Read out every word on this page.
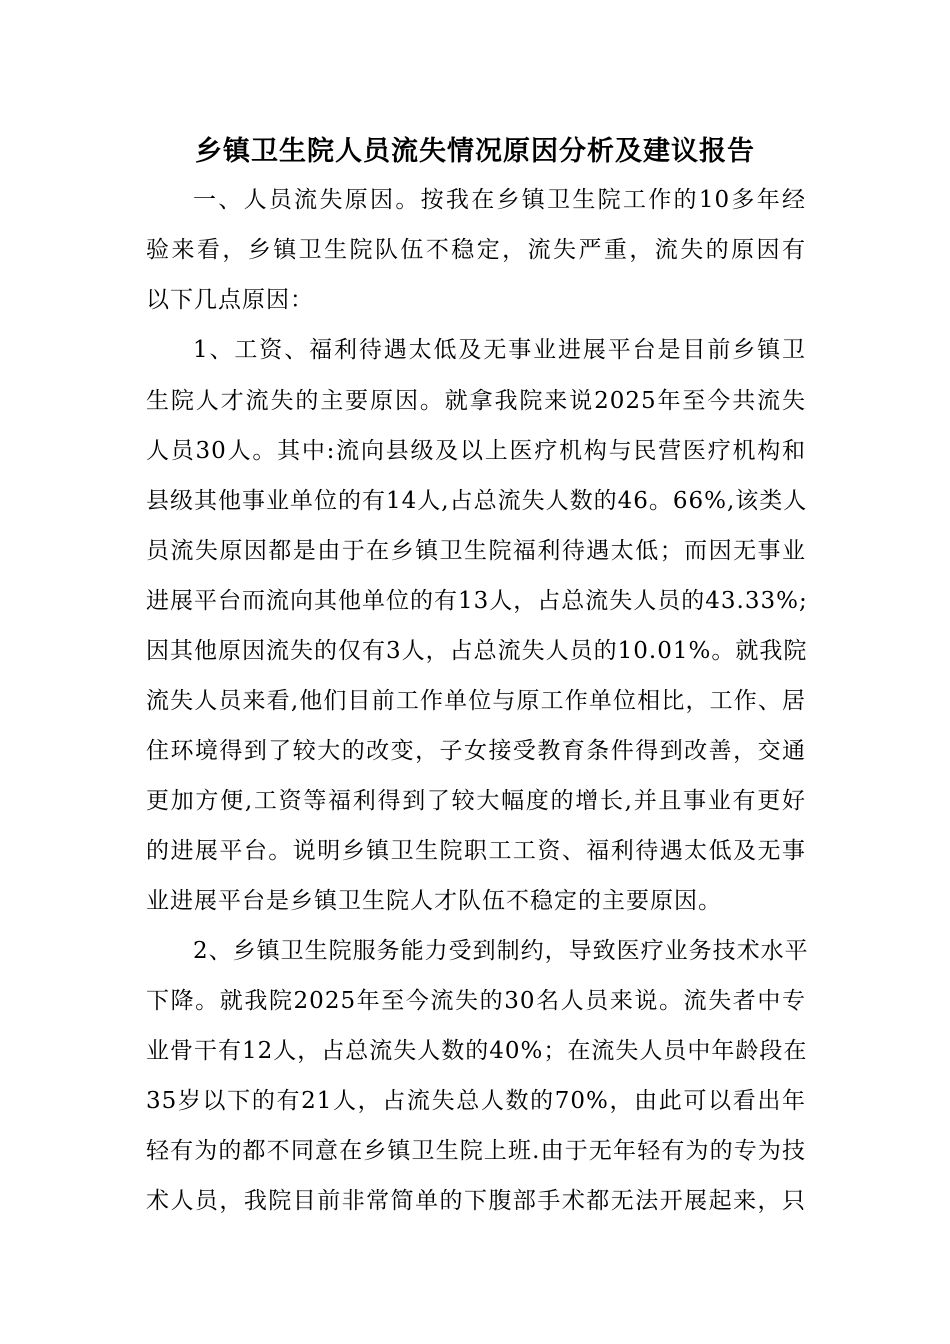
乡镇卫生院人员流失情况原因分析及建议报告
一、人员流失原因。按我在乡镇卫生院工作的10多年经
验来看，乡镇卫生院队伍不稳定，流失严重，流失的原因有
以下几点原因：
1、工资、福利待遇太低及无事业进展平台是目前乡镇卫
生院人才流失的主要原因。就拿我院来说2025年至今共流失
人员30人。其中:流向县级及以上医疗机构与民营医疗机构和
县级其他事业单位的有14人,占总流失人数的46。66%,该类人
员流失原因都是由于在乡镇卫生院福利待遇太低；而因无事业
进展平台而流向其他单位的有13人，占总流失人员的43.33%;
因其他原因流失的仅有3人，占总流失人员的10.01%。就我院
流失人员来看,他们目前工作单位与原工作单位相比，工作、居
住环境得到了较大的改变，子女接受教育条件得到改善，交通
更加方便,工资等福利得到了较大幅度的增长,并且事业有更好
的进展平台。说明乡镇卫生院职工工资、福利待遇太低及无事
业进展平台是乡镇卫生院人才队伍不稳定的主要原因。
2、乡镇卫生院服务能力受到制约，导致医疗业务技术水平
下降。就我院2025年至今流失的30名人员来说。流失者中专
业骨干有12人，占总流失人数的40%；在流失人员中年龄段在
35岁以下的有21人，占流失总人数的70%，由此可以看出年
轻有为的都不同意在乡镇卫生院上班.由于无年轻有为的专为技
术人员，我院目前非常简单的下腹部手术都无法开展起来，只
